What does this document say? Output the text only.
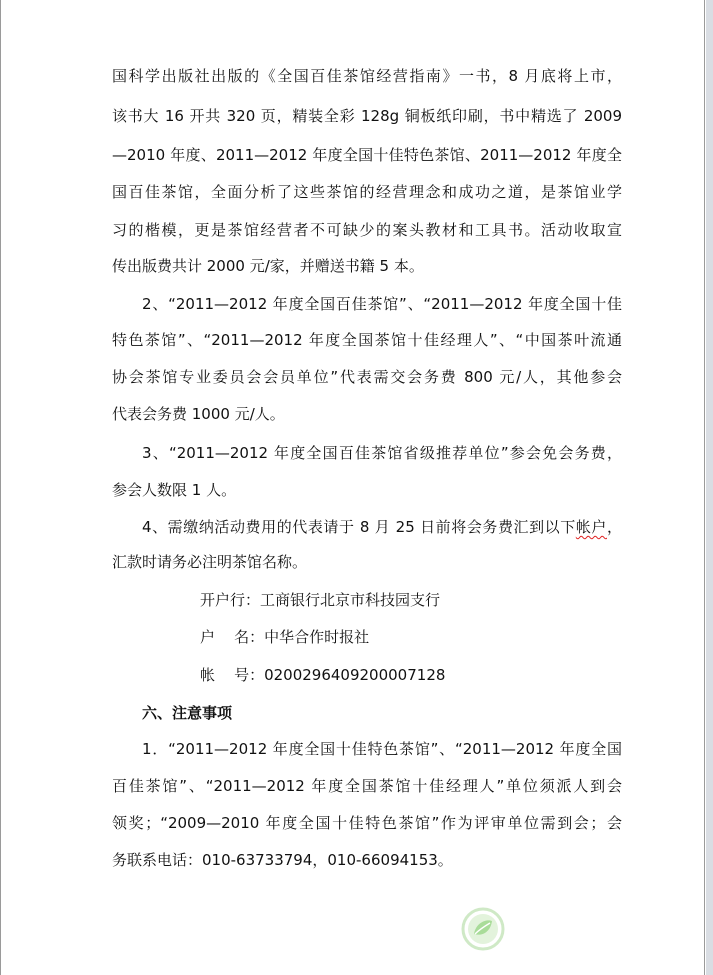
国科学出版社出版的《全国百佳茶馆经营指南》一书，8 月底将上市，
该书大 16 开共 320 页，精装全彩 128g 铜板纸印刷，书中精选了 2009
—2010 年度、2011—2012 年度全国十佳特色茶馆、2011—2012 年度全
国百佳茶馆，全面分析了这些茶馆的经营理念和成功之道，是茶馆业学
习的楷模，更是茶馆经营者不可缺少的案头教材和工具书。活动收取宣
传出版费共计 2000 元/家，并赠送书籍 5 本。
2、“2011—2012 年度全国百佳茶馆”、“2011—2012 年度全国十佳
特色茶馆”、“2011—2012 年度全国茶馆十佳经理人”、“中国茶叶流通
协会茶馆专业委员会会员单位”代表需交会务费 800 元/人，其他参会
代表会务费 1000 元/人。
3、“2011—2012 年度全国百佳茶馆省级推荐单位”参会免会务费，
参会人数限 1 人。
4、需缴纳活动费用的代表请于 8 月 25 日前将会务费汇到以下帐户，
汇款时请务必注明茶馆名称。
开户行：工商银行北京市科技园支行
户    名：中华合作时报社
帐    号：0200296409200007128
六、注意事项
1．“2011—2012 年度全国十佳特色茶馆”、“2011—2012 年度全国
百佳茶馆”、“2011—2012 年度全国茶馆十佳经理人”单位须派人到会
领奖；“2009—2010 年度全国十佳特色茶馆”作为评审单位需到会；会
务联系电话：010-63733794，010-66094153。
